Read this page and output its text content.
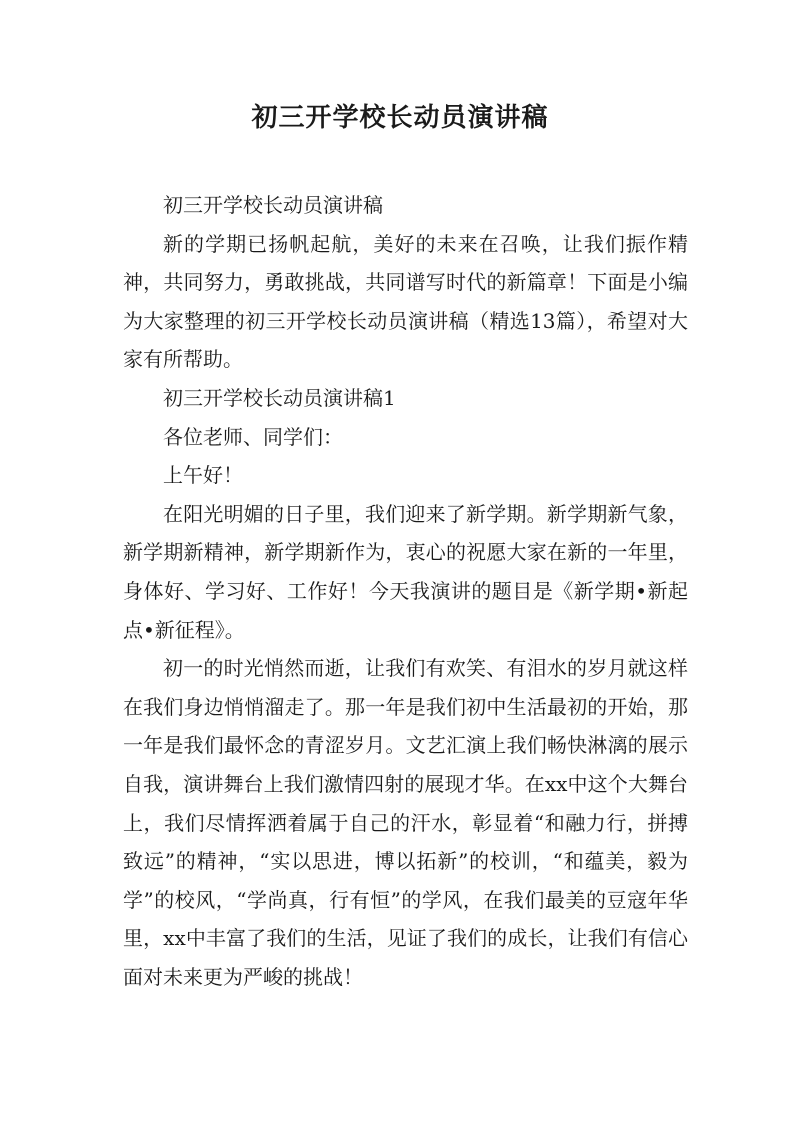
初三开学校长动员演讲稿

初三开学校长动员演讲稿

新的学期已扬帆起航，美好的未来在召唤，让我们振作精神，共同努力，勇敢挑战，共同谱写时代的新篇章！下面是小编为大家整理的初三开学校长动员演讲稿（精选13篇），希望对大家有所帮助。

初三开学校长动员演讲稿1

各位老师、同学们：

上午好！

在阳光明媚的日子里，我们迎来了新学期。新学期新气象，新学期新精神，新学期新作为，衷心的祝愿大家在新的一年里，身体好、学习好、工作好！今天我演讲的题目是《新学期•新起点•新征程》。

初一的时光悄然而逝，让我们有欢笑、有泪水的岁月就这样在我们身边悄悄溜走了。那一年是我们初中生活最初的开始，那一年是我们最怀念的青涩岁月。文艺汇演上我们畅快淋漓的展示自我，演讲舞台上我们激情四射的展现才华。在xx中这个大舞台上，我们尽情挥洒着属于自己的汗水，彰显着“和融力行，拼搏致远”的精神，“实以思进，博以拓新”的校训，“和蕴美，毅为学”的校风，“学尚真，行有恒”的学风，在我们最美的豆寇年华里，xx中丰富了我们的生活，见证了我们的成长，让我们有信心面对未来更为严峻的挑战！
